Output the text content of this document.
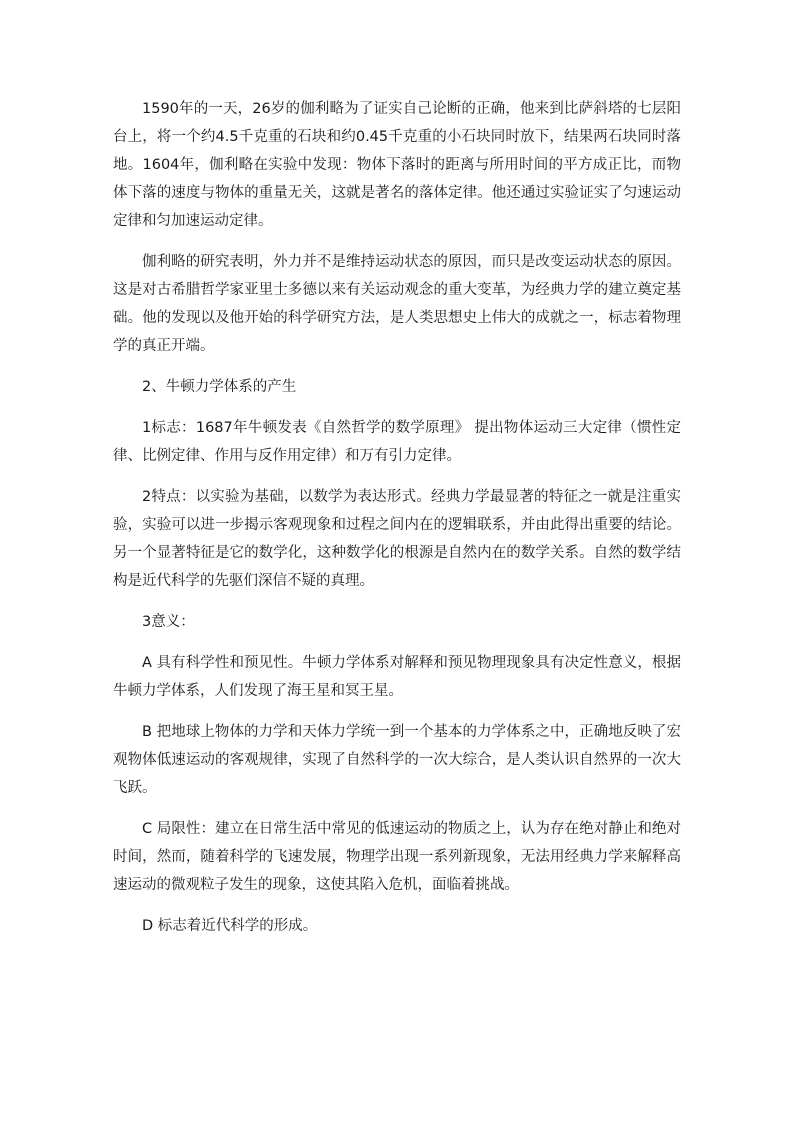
1590年的一天，26岁的伽利略为了证实自己论断的正确，他来到比萨斜塔的七层阳台上，将一个约4.5千克重的石块和约0.45千克重的小石块同时放下，结果两石块同时落地。1604年，伽利略在实验中发现：物体下落时的距离与所用时间的平方成正比，而物体下落的速度与物体的重量无关，这就是著名的落体定律。他还通过实验证实了匀速运动定律和匀加速运动定律。

伽利略的研究表明，外力并不是维持运动状态的原因，而只是改变运动状态的原因。这是对古希腊哲学家亚里士多德以来有关运动观念的重大变革，为经典力学的建立奠定基础。他的发现以及他开始的科学研究方法，是人类思想史上伟大的成就之一，标志着物理学的真正开端。

2、牛顿力学体系的产生

1标志：1687年牛顿发表《自然哲学的数学原理》 提出物体运动三大定律（惯性定律、比例定律、作用与反作用定律）和万有引力定律。

2特点：以实验为基础，以数学为表达形式。经典力学最显著的特征之一就是注重实验，实验可以进一步揭示客观现象和过程之间内在的逻辑联系，并由此得出重要的结论。另一个显著特征是它的数学化，这种数学化的根源是自然内在的数学关系。自然的数学结构是近代科学的先驱们深信不疑的真理。

3意义：

A 具有科学性和预见性。牛顿力学体系对解释和预见物理现象具有决定性意义，根据牛顿力学体系，人们发现了海王星和冥王星。

B 把地球上物体的力学和天体力学统一到一个基本的力学体系之中，正确地反映了宏观物体低速运动的客观规律，实现了自然科学的一次大综合，是人类认识自然界的一次大飞跃。

C 局限性：建立在日常生活中常见的低速运动的物质之上，认为存在绝对静止和绝对时间，然而，随着科学的飞速发展，物理学出现一系列新现象，无法用经典力学来解释高速运动的微观粒子发生的现象，这使其陷入危机，面临着挑战。

D 标志着近代科学的形成。
